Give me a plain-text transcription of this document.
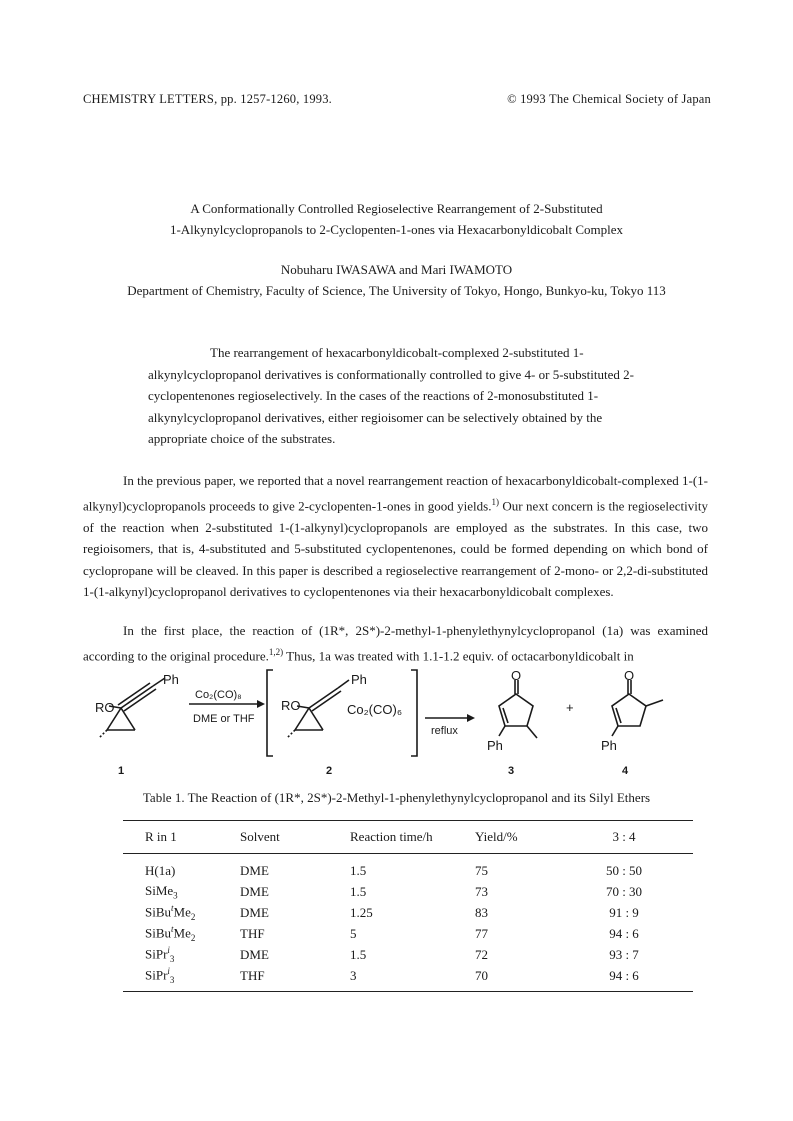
CHEMISTRY LETTERS, pp. 1257-1260, 1993.	© 1993 The Chemical Society of Japan
A Conformationally Controlled Regioselective Rearrangement of 2-Substituted
1-Alkynylcyclopropanols to 2-Cyclopenten-1-ones via Hexacarbonyldicobalt Complex
Nobuharu IWASAWA and Mari IWAMOTO
Department of Chemistry, Faculty of Science, The University of Tokyo, Hongo, Bunkyo-ku, Tokyo 113
The rearrangement of hexacarbonyldicobalt-complexed 2-substituted 1-alkynylcyclopropanol derivatives is conformationally controlled to give 4- or 5-substituted 2-cyclopentenones regioselectively. In the cases of the reactions of 2-monosubstituted 1-alkynylcyclopropanol derivatives, either regioisomer can be selectively obtained by the appropriate choice of the substrates.
In the previous paper, we reported that a novel rearrangement reaction of hexacarbonyldicobalt-complexed 1-(1-alkynyl)cyclopropanols proceeds to give 2-cyclopenten-1-ones in good yields.$^{1)}$ Our next concern is the regioselectivity of the reaction when 2-substituted 1-(1-alkynyl)cyclopropanols are employed as the substrates. In this case, two regioisomers, that is, 4-substituted and 5-substituted cyclopentenones, could be formed depending on which bond of cyclopropane will be cleaved. In this paper is described a regioselective rearrangement of 2-mono- or 2,2-di-substituted 1-(1-alkynyl)cyclopropanol derivatives to cyclopentenones via their hexacarbonyldicobalt complexes.
In the first place, the reaction of (1R*, 2S*)-2-methyl-1-phenylethynylcyclopropanol (1a) was examined according to the original procedure.$^{1,2)}$ Thus, 1a was treated with 1.1-1.2 equiv. of octacarbonyldicobalt in
Ph
RO
Co₂(CO)₈
DME or THF
Ph
RO	Co₂(CO)₆
reflux
O
Ph
+
O
Ph
1	2	3	4
Table 1. The Reaction of (1R*, 2S*)-2-Methyl-1-phenylethynylcyclopropanol and its Silyl Ethers
R in 1	Solvent	Reaction time/h	Yield/%	3 : 4
H(1a)	DME	1.5	75	50 : 50
SiMe$_3$	DME	1.5	73	70 : 30
$SiBu^tMe_2$	DME	1.25	83	91 : 9
$SiBu^tMe_2$	THF	5	77	94 : 6
SiPr$^i_3$	DME	1.5	72	93 : 7
SiPr$^i_3$	THF	3	70	94 : 6
